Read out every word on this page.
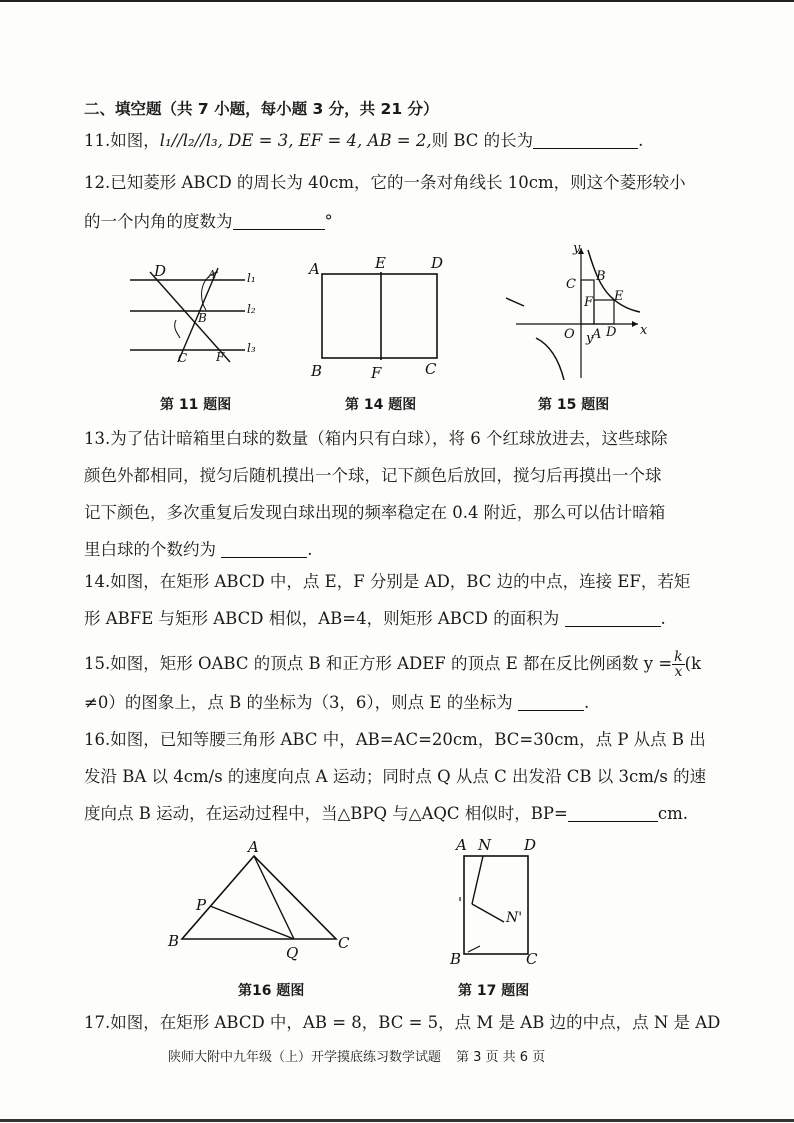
二、填空题（共 7 小题，每小题 3 分，共 21 分）
11.如图，l₁//l₂//l₃, DE = 3, EF = 4, AB = 2,则 BC 的长为	.
12.已知菱形 ABCD 的周长为 40cm，它的一条对角线长 10cm，则这个菱形较小
的一个内角的度数为	°
D	A
B
C F
l₁
l₂
l₃
第 11 题图
A	E	D
B	F	C
第 14 题图
y
y
x
O
C
B
F E
A D
第 15 题图
13.为了估计暗箱里白球的数量（箱内只有白球），将 6 个红球放进去，这些球除
颜色外都相同，搅匀后随机摸出一个球，记下颜色后放回，搅匀后再摸出一个球
记下颜色，多次重复后发现白球出现的频率稳定在 0.4 附近，那么可以估计暗箱
里白球的个数约为	.
14.如图，在矩形 ABCD 中，点 E，F 分别是 AD，BC 边的中点，连接 EF，若矩
形 ABFE 与矩形 ABCD 相似，AB=4，则矩形 ABCD 的面积为	.
15.如图，矩形 OABC 的顶点 B 和正方形 ADEF 的顶点 E 都在反比例函数 $y = \frac{k}{x} (k$
≠0）的图象上，点 B 的坐标为（3，6），则点 E 的坐标为	.
16.如图，已知等腰三角形 ABC 中，AB=AC=20cm，BC=30cm，点 P 从点 B 出
发沿 BA 以 4cm/s 的速度向点 A 运动；同时点 Q 从点 C 出发沿 CB 以 3cm/s 的速
度向点 B 运动，在运动过程中，当△BPQ 与△AQC 相似时，BP=	cm.
A
P
B
Q
C
第16 题图
A N D
'
N'
B	C
第 17 题图
17.如图，在矩形 ABCD 中，AB = 8，BC = 5，点 M 是 AB 边的中点，点 N 是 AD
陕师大附中九年级（上）开学摸底练习数学试题 第 3 页 共 6 页
